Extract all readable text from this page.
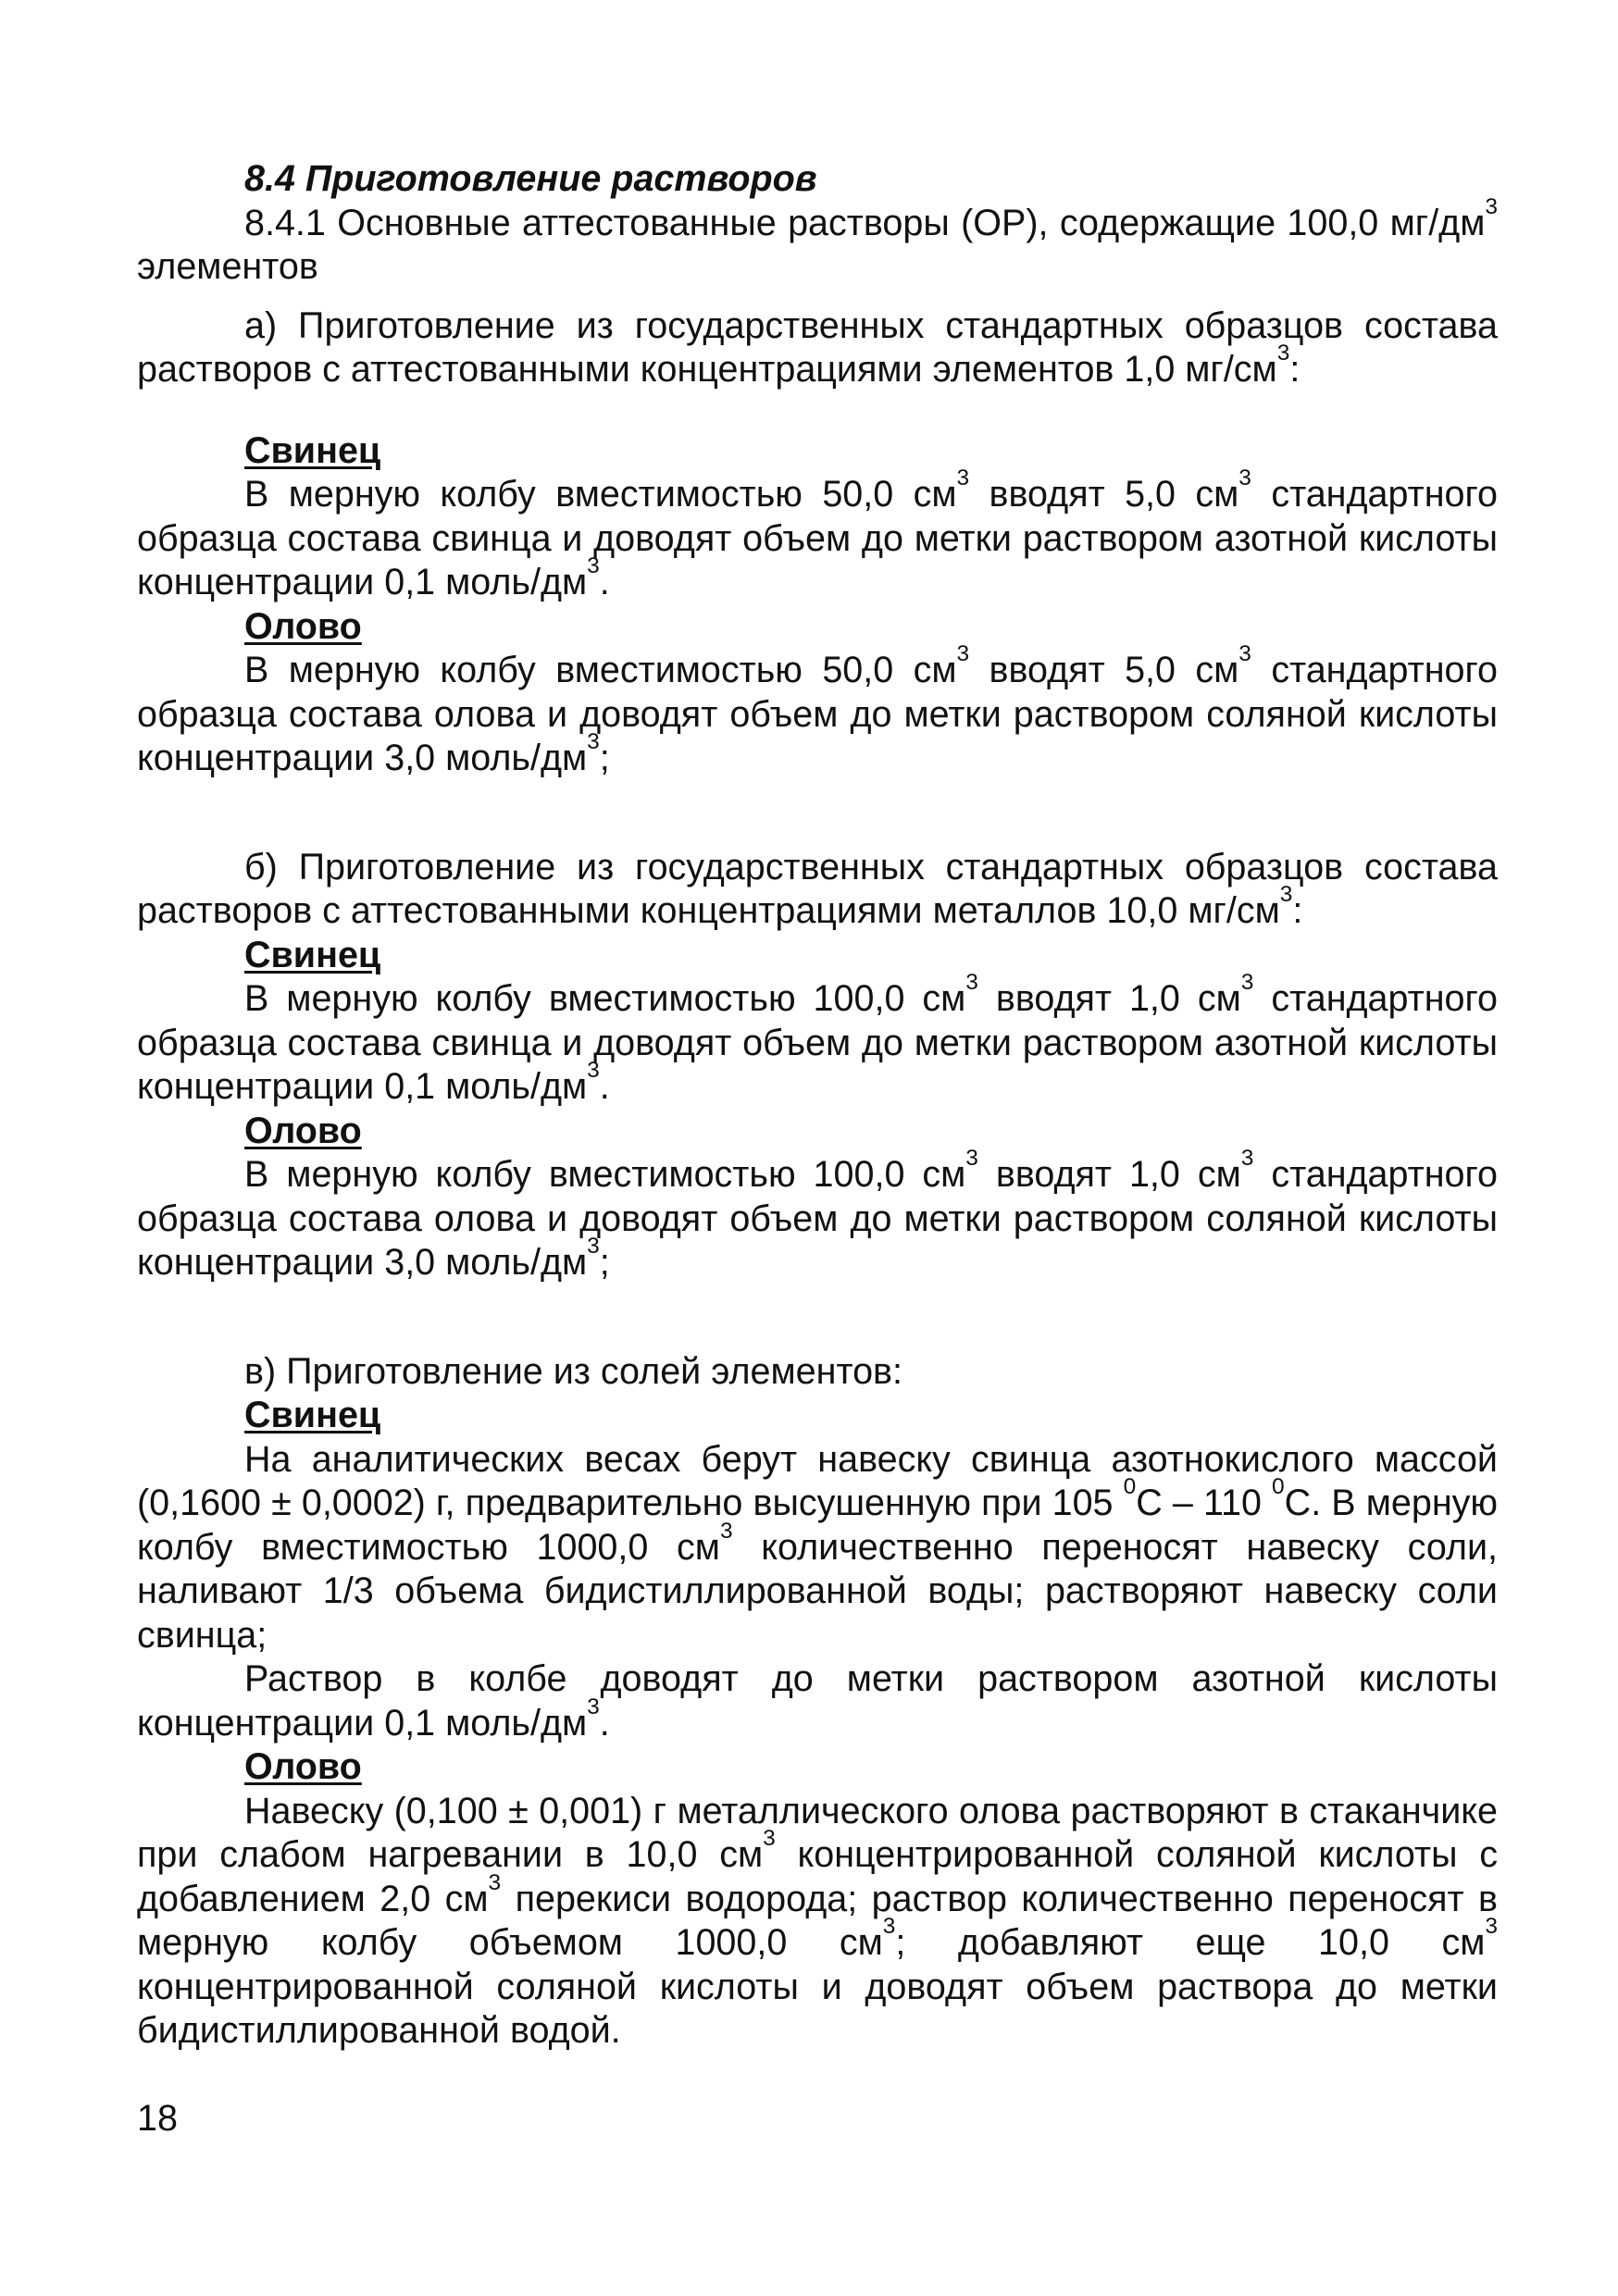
8.4 Приготовление растворов

8.4.1 Основные аттестованные растворы (ОР), содержащие 100,0 $мг/дм^3$ элементов

а) Приготовление из государственных стандартных образцов состава растворов с аттестованными концентрациями элементов 1,0 $мг/см^3$:

Свинец

В мерную колбу вместимостью 50,0 $см^3$ вводят 5,0 $см^3$ стандартного образца состава свинца и доводят объем до метки раствором азотной кислоты концентрации 0,1 моль/$дм^3$.

Олово

В мерную колбу вместимостью 50,0 $см^3$ вводят 5,0 $см^3$ стандартного образца состава олова и доводят объем до метки раствором соляной кислоты концентрации 3,0 моль/$дм^3$;

б) Приготовление из государственных стандартных образцов состава растворов с аттестованными концентрациями металлов 10,0 $мг/см^3$:

Свинец

В мерную колбу вместимостью 100,0 $см^3$ вводят 1,0 $см^3$ стандартного образца состава свинца и доводят объем до метки раствором азотной кислоты концентрации 0,1 моль/$дм^3$.

Олово

В мерную колбу вместимостью 100,0 $см^3$ вводят 1,0 $см^3$ стандартного образца состава олова и доводят объем до метки раствором соляной кислоты концентрации 3,0 моль/$дм^3$;

в) Приготовление из солей элементов:

Свинец

На аналитических весах берут навеску свинца азотнокислого массой (0,1600 ± 0,0002) г, предварительно высушенную при 105 $^0$С – 110 $^0$С. В мерную колбу вместимостью 1000,0 $см^3$ количественно переносят навеску соли, наливают 1/3 объема бидистиллированной воды; растворяют навеску соли свинца;

Раствор в колбе доводят до метки раствором азотной кислоты концентрации 0,1 моль/$дм^3$.

Олово

Навеску (0,100 ± 0,001) г металлического олова растворяют в стаканчике при слабом нагревании в 10,0 $см^3$ концентрированной соляной кислоты с добавлением 2,0 $см^3$ перекиси водорода; раствор количественно переносят в мерную колбу объемом 1000,0 $см^3$; добавляют еще 10,0 $см^3$ концентрированной соляной кислоты и доводят объем раствора до метки бидистиллированной водой.

18
